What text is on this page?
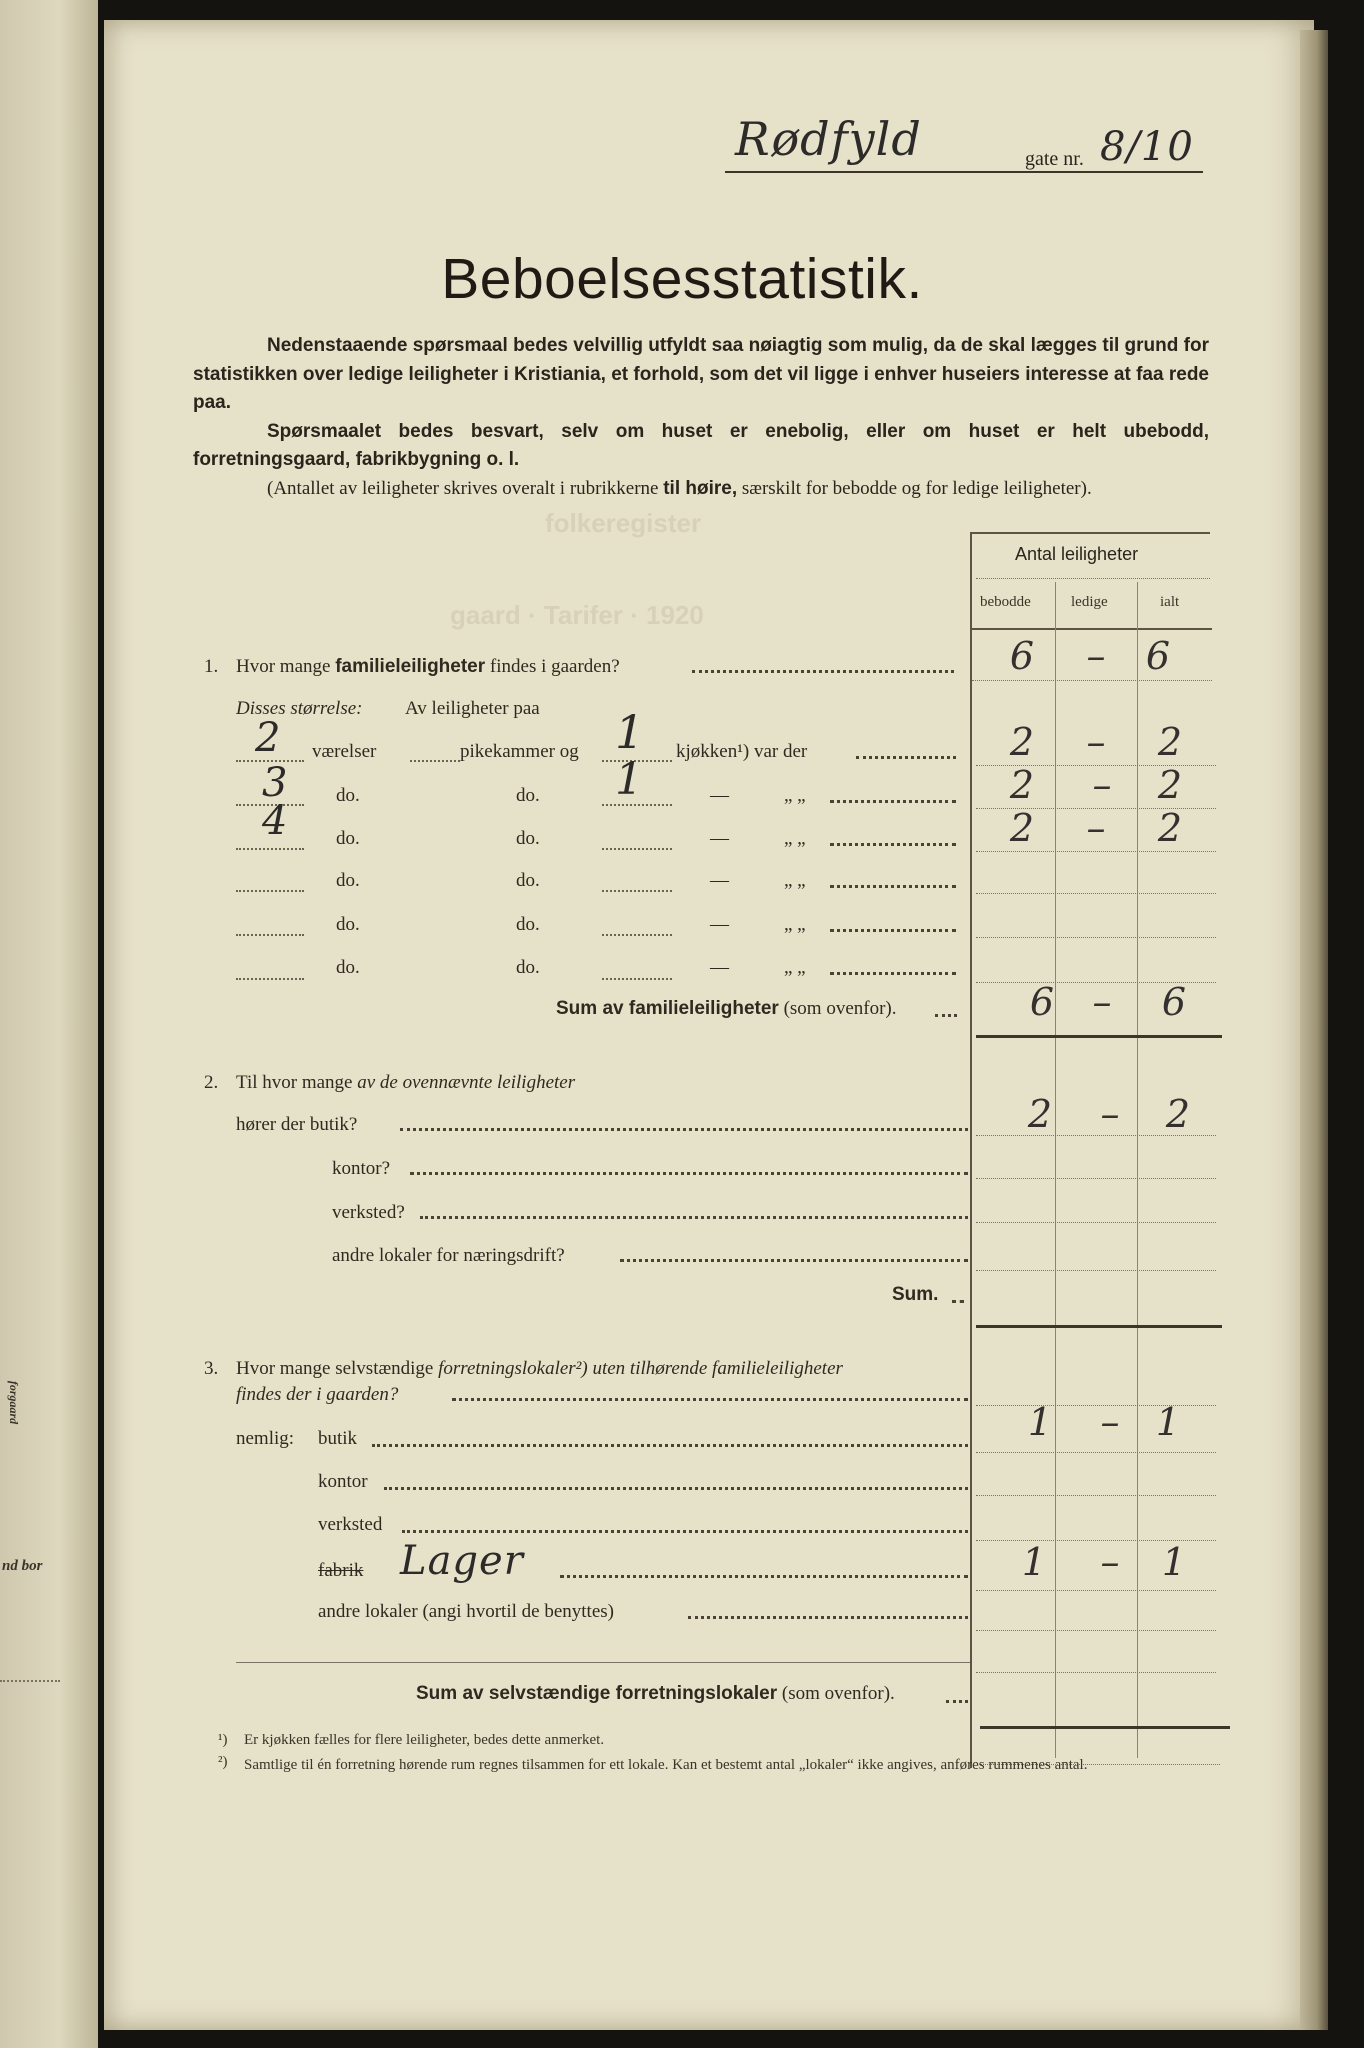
forgaard
nd bor
Rødfyld	gate nr. 8/10
Beboelsesstatistik.

Nedenstaaende spørsmaal bedes velvillig utfyldt saa nøiagtig som mulig, da de skal lægges til grund for statistikken over ledige leiligheter i Kristiania, et forhold, som det vil ligge i enhver huseiers interesse at faa rede paa.

Spørsmaalet bedes besvart, selv om huset er enebolig, eller om huset er helt ubebodd, forretningsgaard, fabrikbygning o. l.

(Antallet av leiligheter skrives overalt i rubrikkerne til høire, særskilt for bebodde og for ledige leiligheter).

folkeregister
gaard · Tarifer · 1920
Antal leiligheter
bebodde	ledige	ialt
1. Hvor mange familieleiligheter findes i gaarden?	6	–	6
Disses størrelse: Av leiligheter paa
2 værelser	pikekammer og 1 kjøkken¹) var der	2	–	2
3	do.	do. 1	—	„ „	2	–	2
4	do.	do.	—	„ „	2	–	2
do.	do.	—	„ „
do.	do.	—	„ „
do.	do.	—	„ „
Sum av familieleiligheter (som ovenfor).	6	–	6
2. Til hvor mange av de ovennævnte leiligheter
hører der butik?	2	–	2
kontor?
verksted?
andre lokaler for næringsdrift?
Sum.
3. Hvor mange selvstændige forretningslokaler²) uten tilhørende familieleiligheter
findes der i gaarden?
nemlig: butik	1	– 1
kontor
verksted
fabrik Lager	1	–	1
andre lokaler (angi hvortil de benyttes)
Sum av selvstændige forretningslokaler (som ovenfor).
¹) Er kjøkken fælles for flere leiligheter, bedes dette anmerket.
²) Samtlige til én forretning hørende rum regnes tilsammen for ett lokale. Kan et bestemt antal „lokaler“ ikke angives, anføres rummenes antal.
